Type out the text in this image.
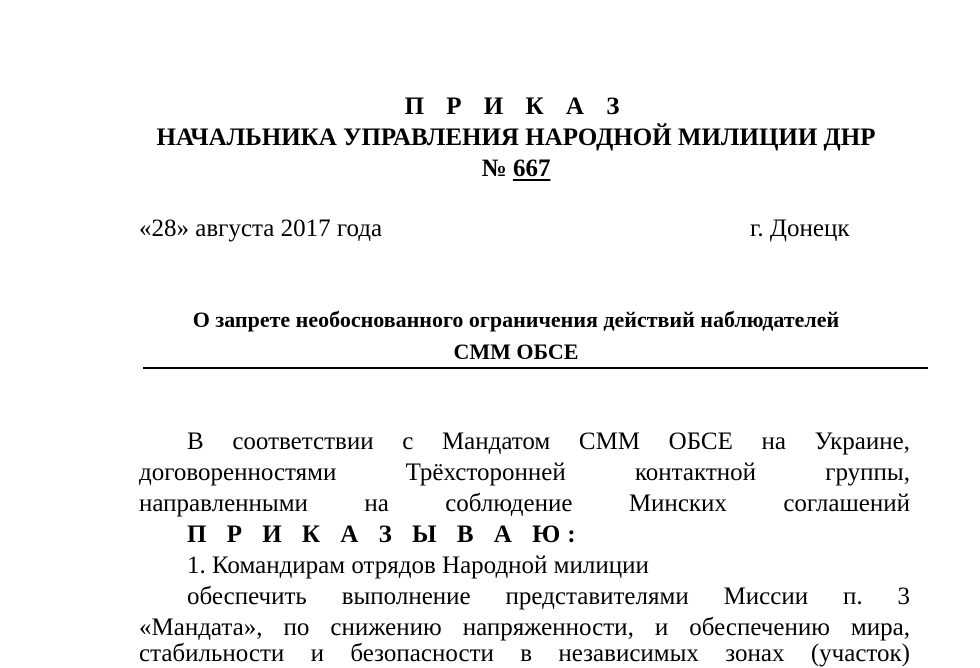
П Р И К А З
НАЧАЛЬНИКА УПРАВЛЕНИЯ НАРОДНОЙ МИЛИЦИИ ДНР
№ 667
«28» августа 2017 года	г. Донецк
О запрете необоснованного ограничения действий наблюдателей
СММ ОБСЕ
В соответствии с Мандатом СММ ОБСЕ на Украине,
договоренностями	Трёхсторонней	контактной	группы,
направленными на соблюдение Минских соглашений
П Р И К А З Ы В А Ю:
1. Командирам отрядов Народной милиции
обеспечить выполнение представителями Миссии п. 3
«Мандата», по снижению напряженности, и обеспечению мира,
стабильности и безопасности в независимых зонах (участок)
